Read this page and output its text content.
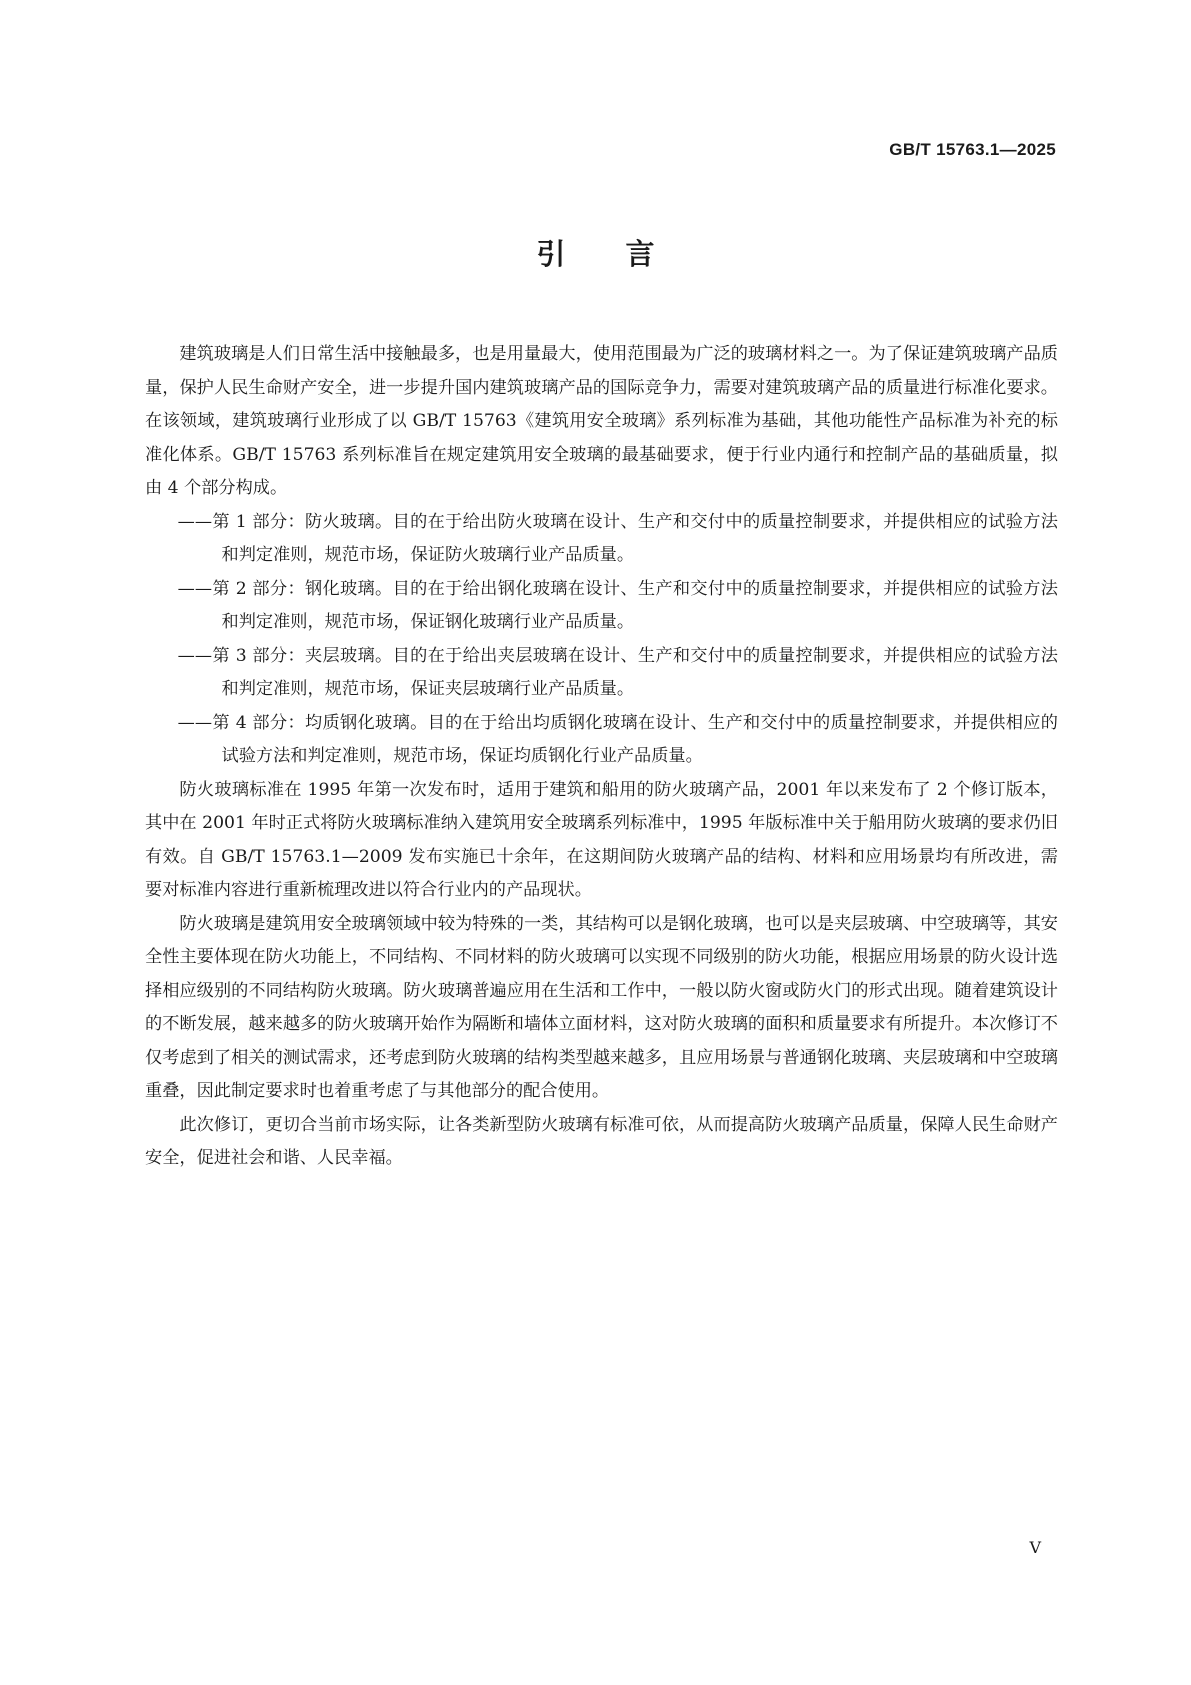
GB/T 15763.1—2025
引言

建筑玻璃是人们日常生活中接触最多，也是用量最大，使用范围最为广泛的玻璃材料之一。为了保证建筑玻璃产品质量，保护人民生命财产安全，进一步提升国内建筑玻璃产品的国际竞争力，需要对建筑玻璃产品的质量进行标准化要求。在该领域，建筑玻璃行业形成了以 GB/T 15763《建筑用安全玻璃》系列标准为基础，其他功能性产品标准为补充的标准化体系。GB/T 15763 系列标准旨在规定建筑用安全玻璃的最基础要求，便于行业内通行和控制产品的基础质量，拟由 4 个部分构成。

——第 1 部分：防火玻璃。目的在于给出防火玻璃在设计、生产和交付中的质量控制要求，并提供相应的试验方法和判定准则，规范市场，保证防火玻璃行业产品质量。

——第 2 部分：钢化玻璃。目的在于给出钢化玻璃在设计、生产和交付中的质量控制要求，并提供相应的试验方法和判定准则，规范市场，保证钢化玻璃行业产品质量。

——第 3 部分：夹层玻璃。目的在于给出夹层玻璃在设计、生产和交付中的质量控制要求，并提供相应的试验方法和判定准则，规范市场，保证夹层玻璃行业产品质量。

——第 4 部分：均质钢化玻璃。目的在于给出均质钢化玻璃在设计、生产和交付中的质量控制要求，并提供相应的试验方法和判定准则，规范市场，保证均质钢化行业产品质量。

防火玻璃标准在 1995 年第一次发布时，适用于建筑和船用的防火玻璃产品，2001 年以来发布了 2 个修订版本，其中在 2001 年时正式将防火玻璃标准纳入建筑用安全玻璃系列标准中，1995 年版标准中关于船用防火玻璃的要求仍旧有效。自 GB/T 15763.1—2009 发布实施已十余年，在这期间防火玻璃产品的结构、材料和应用场景均有所改进，需要对标准内容进行重新梳理改进以符合行业内的产品现状。

防火玻璃是建筑用安全玻璃领域中较为特殊的一类，其结构可以是钢化玻璃，也可以是夹层玻璃、中空玻璃等，其安全性主要体现在防火功能上，不同结构、不同材料的防火玻璃可以实现不同级别的防火功能，根据应用场景的防火设计选择相应级别的不同结构防火玻璃。防火玻璃普遍应用在生活和工作中，一般以防火窗或防火门的形式出现。随着建筑设计的不断发展，越来越多的防火玻璃开始作为隔断和墙体立面材料，这对防火玻璃的面积和质量要求有所提升。本次修订不仅考虑到了相关的测试需求，还考虑到防火玻璃的结构类型越来越多，且应用场景与普通钢化玻璃、夹层玻璃和中空玻璃重叠，因此制定要求时也着重考虑了与其他部分的配合使用。

此次修订，更切合当前市场实际，让各类新型防火玻璃有标准可依，从而提高防火玻璃产品质量，保障人民生命财产安全，促进社会和谐、人民幸福。

V
